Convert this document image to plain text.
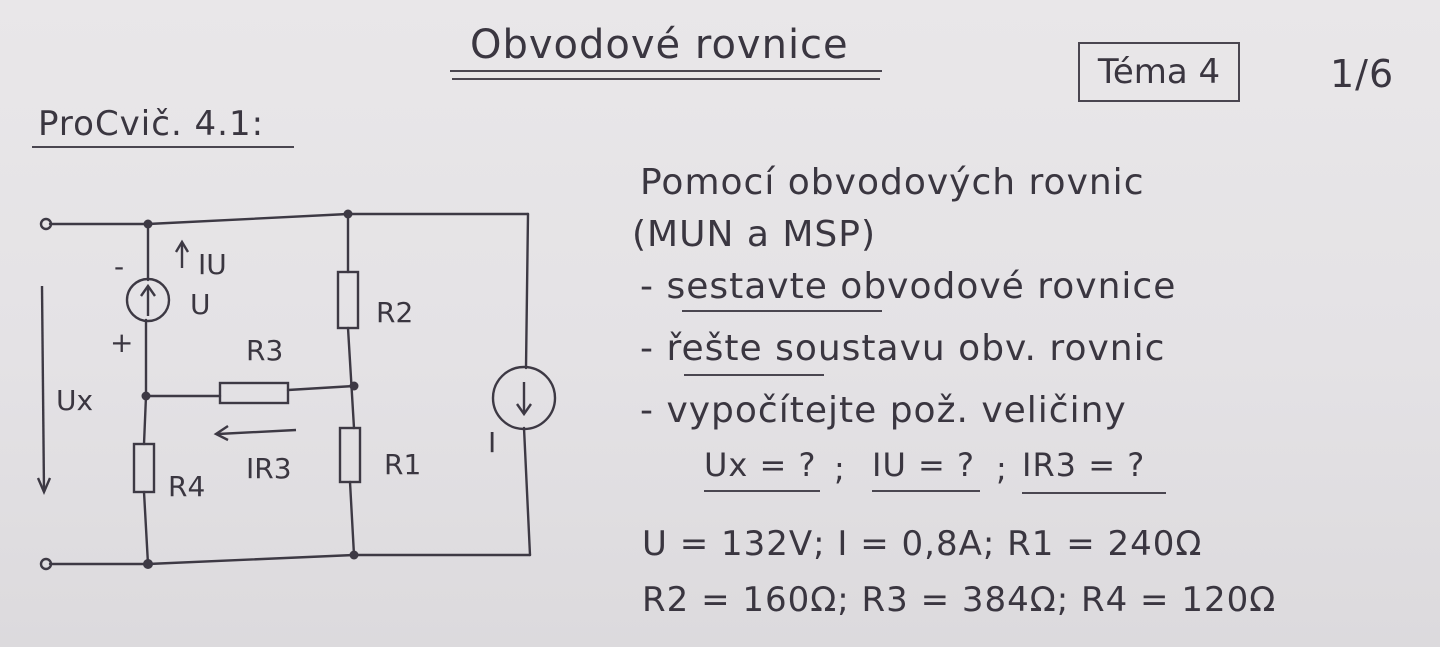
Obvodové rovnice
Téma 4	1/6
ProCvič. 4.1:
Pomocí obvodových rovnic
(MUN a MSP)
- sestavte obvodové rovnice
- řešte soustavu obv. rovnic
- vypočítejte pož. veličiny
Ux = ? ; IU = ? ; IR3 = ?
U = 132V; I = 0,8A; R1 = 240Ω
R2 = 160Ω; R3 = 384Ω; R4 = 120Ω
IU
U
-
+
Ux
R2
R3
IR3	R1
R4
I
